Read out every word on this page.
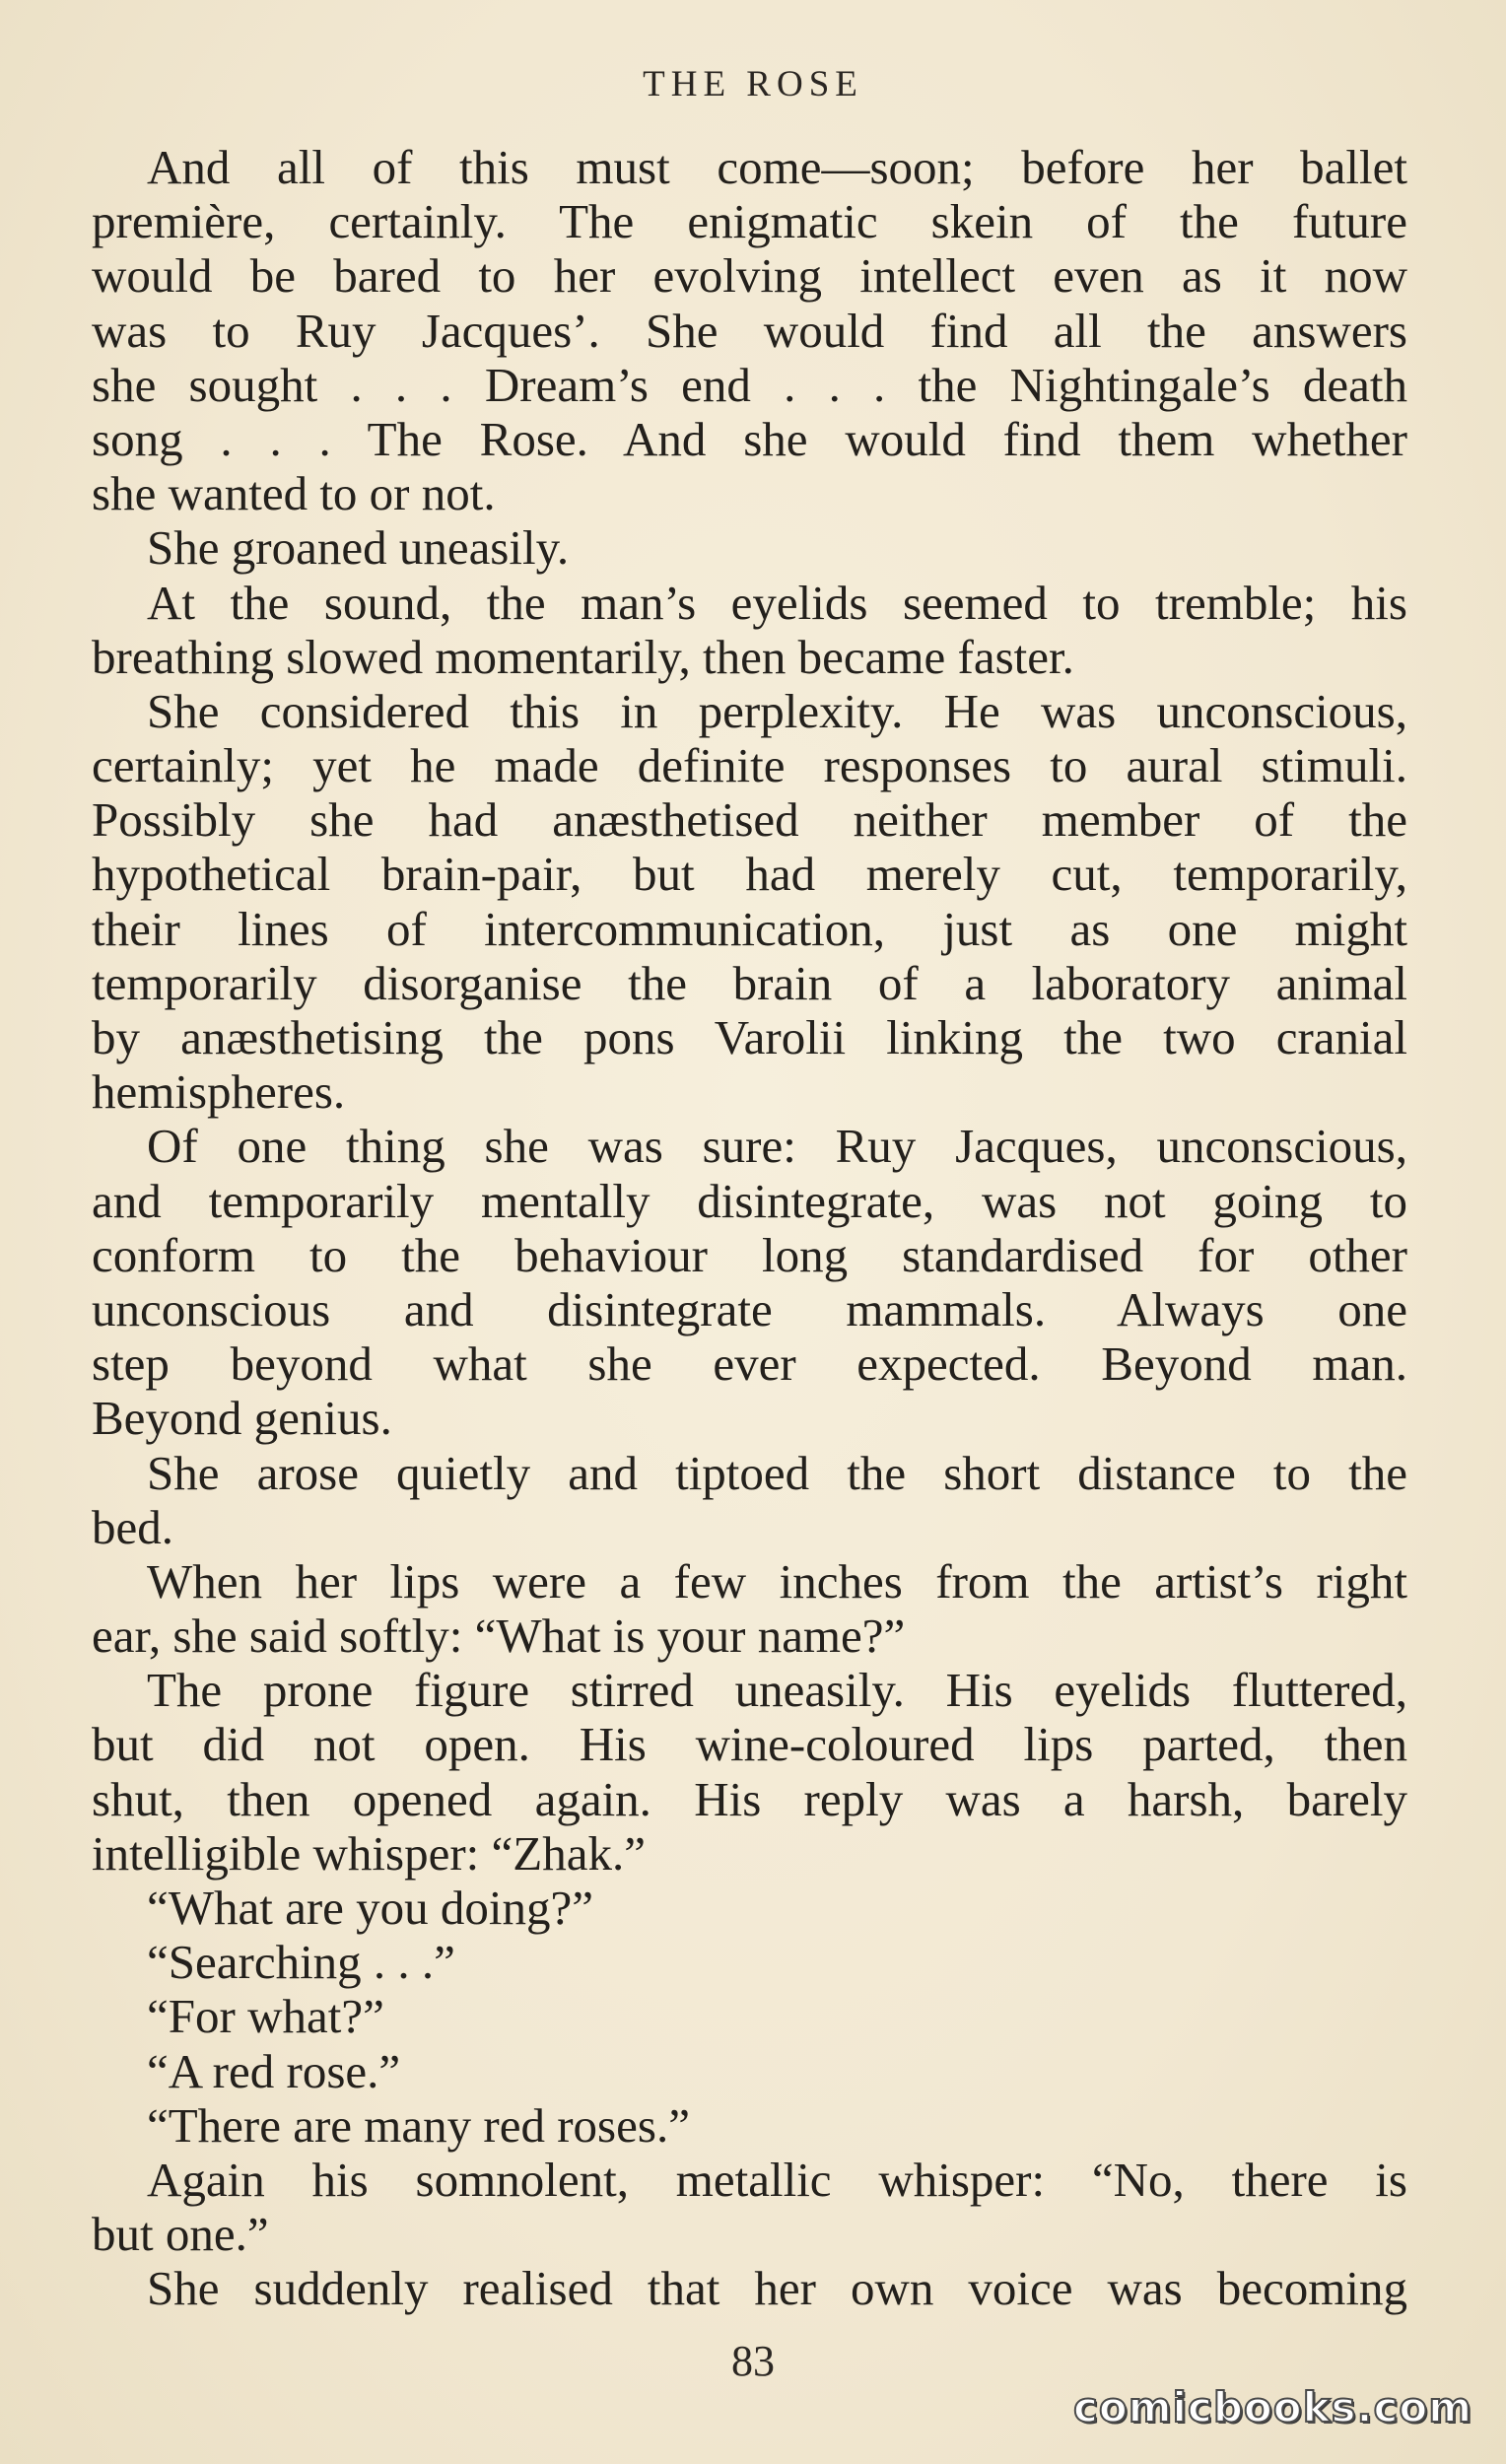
THE ROSE
And all of this must come—soon; before her ballet
première, certainly. The enigmatic skein of the future
would be bared to her evolving intellect even as it now
was to Ruy Jacques’. She would find all the answers
she sought . . . Dream’s end . . . the Nightingale’s death
song . . . The Rose. And she would find them whether
she wanted to or not.
She groaned uneasily.
At the sound, the man’s eyelids seemed to tremble; his
breathing slowed momentarily, then became faster.
She considered this in perplexity. He was unconscious,
certainly; yet he made definite responses to aural stimuli.
Possibly she had anæsthetised neither member of the
hypothetical brain-pair, but had merely cut, temporarily,
their lines of intercommunication, just as one might
temporarily disorganise the brain of a laboratory animal
by anæsthetising the pons Varolii linking the two cranial
hemispheres.
Of one thing she was sure: Ruy Jacques, unconscious,
and temporarily mentally disintegrate, was not going to
conform to the behaviour long standardised for other
unconscious and disintegrate mammals. Always one
step beyond what she ever expected. Beyond man.
Beyond genius.
She arose quietly and tiptoed the short distance to the
bed.
When her lips were a few inches from the artist’s right
ear, she said softly: “What is your name?”
The prone figure stirred uneasily. His eyelids fluttered,
but did not open. His wine-coloured lips parted, then
shut, then opened again. His reply was a harsh, barely
intelligible whisper: “Zhak.”
“What are you doing?”
“Searching . . .”
“For what?”
“A red rose.”
“There are many red roses.”
Again his somnolent, metallic whisper: “No, there is
but one.”
She suddenly realised that her own voice was becoming
83
comicbooks.com
